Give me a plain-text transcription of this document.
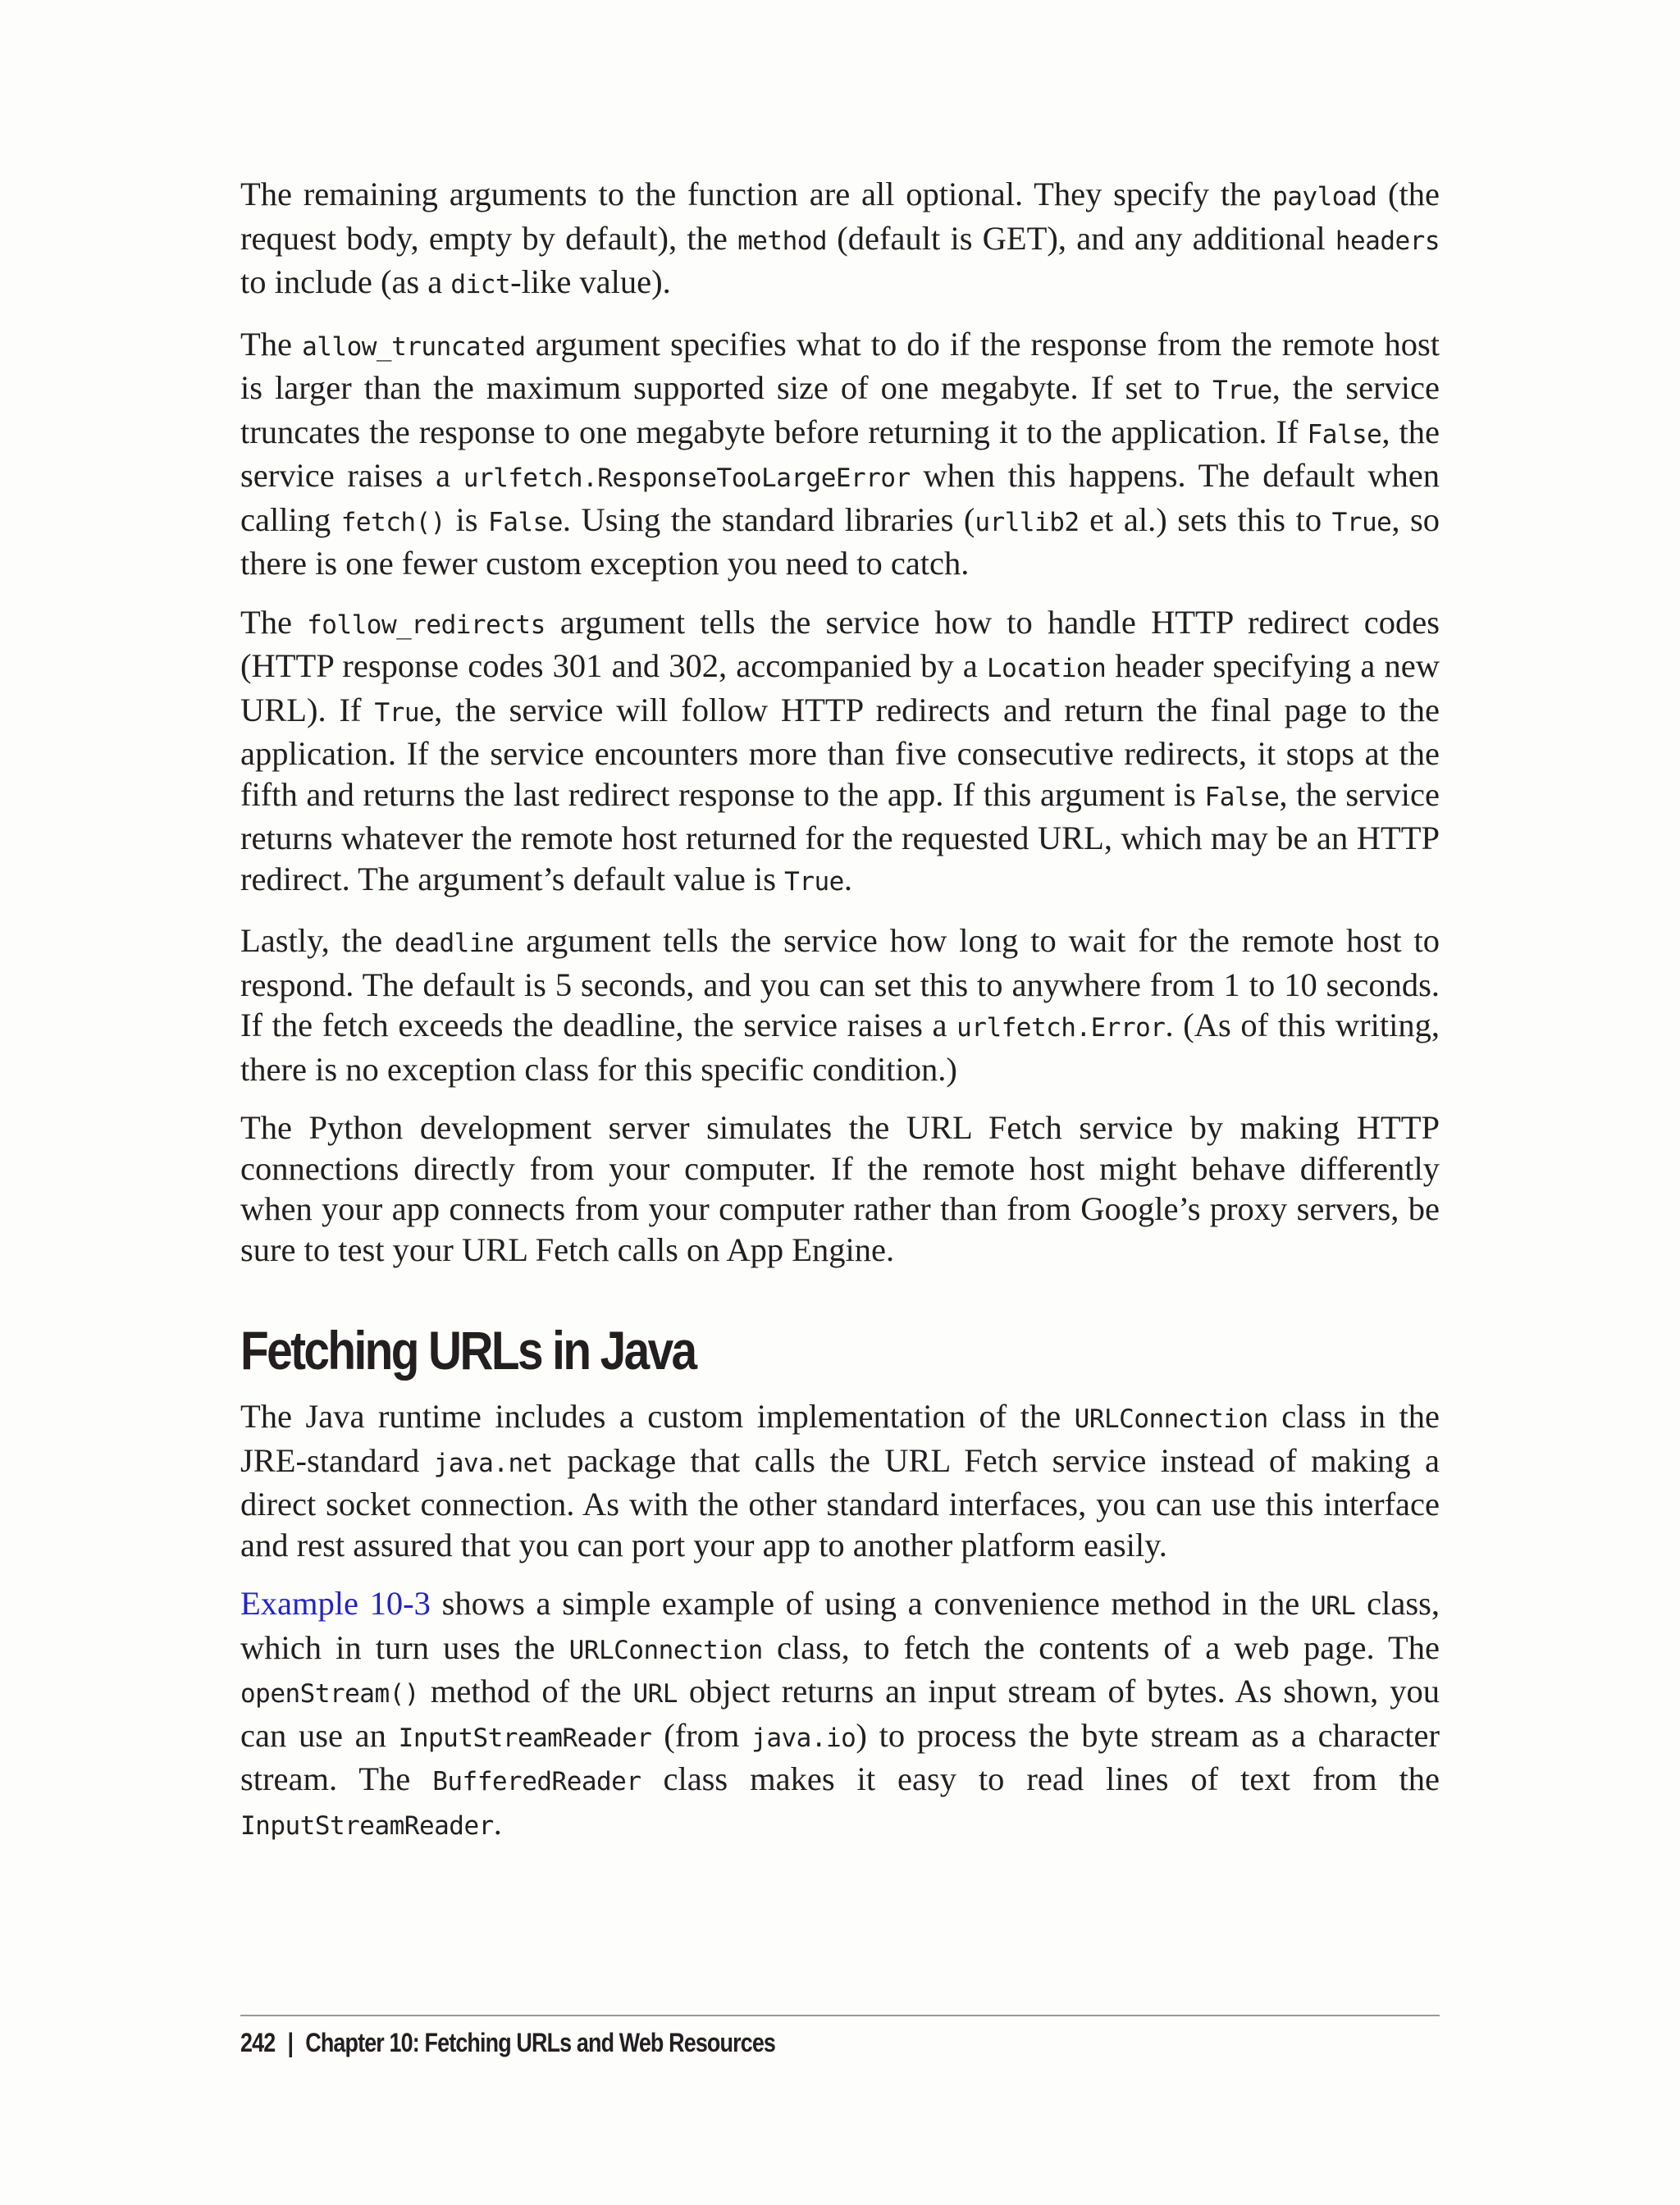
The remaining arguments to the function are all optional. They specify the payload (the request body, empty by default), the method (default is GET), and any additional headers to include (as a dict-like value).

The allow_truncated argument specifies what to do if the response from the remote host is larger than the maximum supported size of one megabyte. If set to True, the service truncates the response to one megabyte before returning it to the application. If False, the service raises a urlfetch.ResponseTooLargeError when this happens. The default when calling fetch() is False. Using the standard libraries (urllib2 et al.) sets this to True, so there is one fewer custom exception you need to catch.

The follow_redirects argument tells the service how to handle HTTP redirect codes (HTTP response codes 301 and 302, accompanied by a Location header specifying a new URL). If True, the service will follow HTTP redirects and return the final page to the application. If the service encounters more than five consecutive redirects, it stops at the fifth and returns the last redirect response to the app. If this argument is False, the service returns whatever the remote host returned for the requested URL, which may be an HTTP redirect. The argument’s default value is True.

Lastly, the deadline argument tells the service how long to wait for the remote host to respond. The default is 5 seconds, and you can set this to anywhere from 1 to 10 seconds. If the fetch exceeds the deadline, the service raises a urlfetch.Error. (As of this writing, there is no exception class for this specific condition.)

The Python development server simulates the URL Fetch service by making HTTP connections directly from your computer. If the remote host might behave differently when your app connects from your computer rather than from Google’s proxy servers, be sure to test your URL Fetch calls on App Engine.

Fetching URLs in Java

The Java runtime includes a custom implementation of the URLConnection class in the JRE-standard java.net package that calls the URL Fetch service instead of making a direct socket connection. As with the other standard interfaces, you can use this interface and rest assured that you can port your app to another platform easily.

Example 10-3 shows a simple example of using a convenience method in the URL class, which in turn uses the URLConnection class, to fetch the contents of a web page. The openStream() method of the URL object returns an input stream of bytes. As shown, you can use an InputStreamReader (from java.io) to process the byte stream as a character stream. The BufferedReader class makes it easy to read lines of text from the InputStreamReader.

242 | Chapter 10: Fetching URLs and Web Resources
